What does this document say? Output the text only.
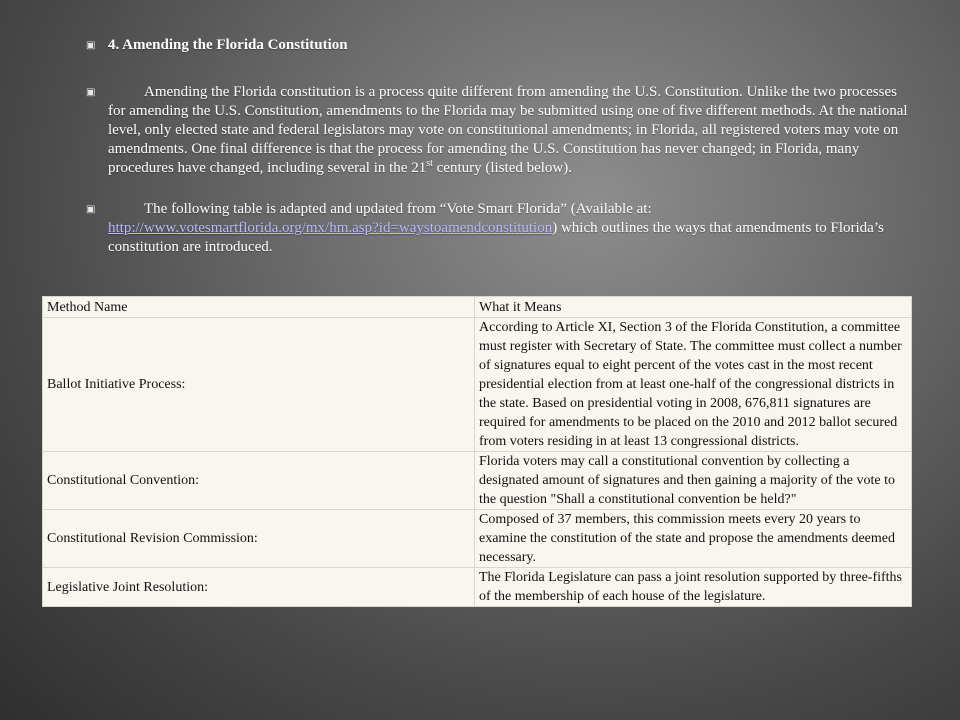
▣ 4. Amending the Florida Constitution
▣	Amending the Florida constitution is a process quite different from amending the U.S. Constitution. Unlike the two processes for amending the U.S. Constitution, amendments to the Florida may be submitted using one of five different methods. At the national level, only elected state and federal legislators may vote on constitutional amendments; in Florida, all registered voters may vote on amendments. One final difference is that the process for amending the U.S. Constitution has never changed; in Florida, many procedures have changed, including several in the 21st century (listed below).
▣	The following table is adapted and updated from “Vote Smart Florida” (Available at: http://www.votesmartflorida.org/mx/hm.asp?id=waystoamendconstitution) which outlines the ways that amendments to Florida’s constitution are introduced.
Method Name	What it Means
Ballot Initiative Process:	According to Article XI, Section 3 of the Florida Constitution, a committee must register with Secretary of State. The committee must collect a number of signatures equal to eight percent of the votes cast in the most recent presidential election from at least one-half of the congressional districts in the state. Based on presidential voting in 2008, 676,811 signatures are required for amendments to be placed on the 2010 and 2012 ballot secured from voters residing in at least 13 congressional districts.
Constitutional Convention:	Florida voters may call a constitutional convention by collecting a designated amount of signatures and then gaining a majority of the vote to the question "Shall a constitutional convention be held?"
Constitutional Revision Commission:	Composed of 37 members, this commission meets every 20 years to examine the constitution of the state and propose the amendments deemed necessary.
Legislative Joint Resolution:	The Florida Legislature can pass a joint resolution supported by three-fifths of the membership of each house of the legislature.
